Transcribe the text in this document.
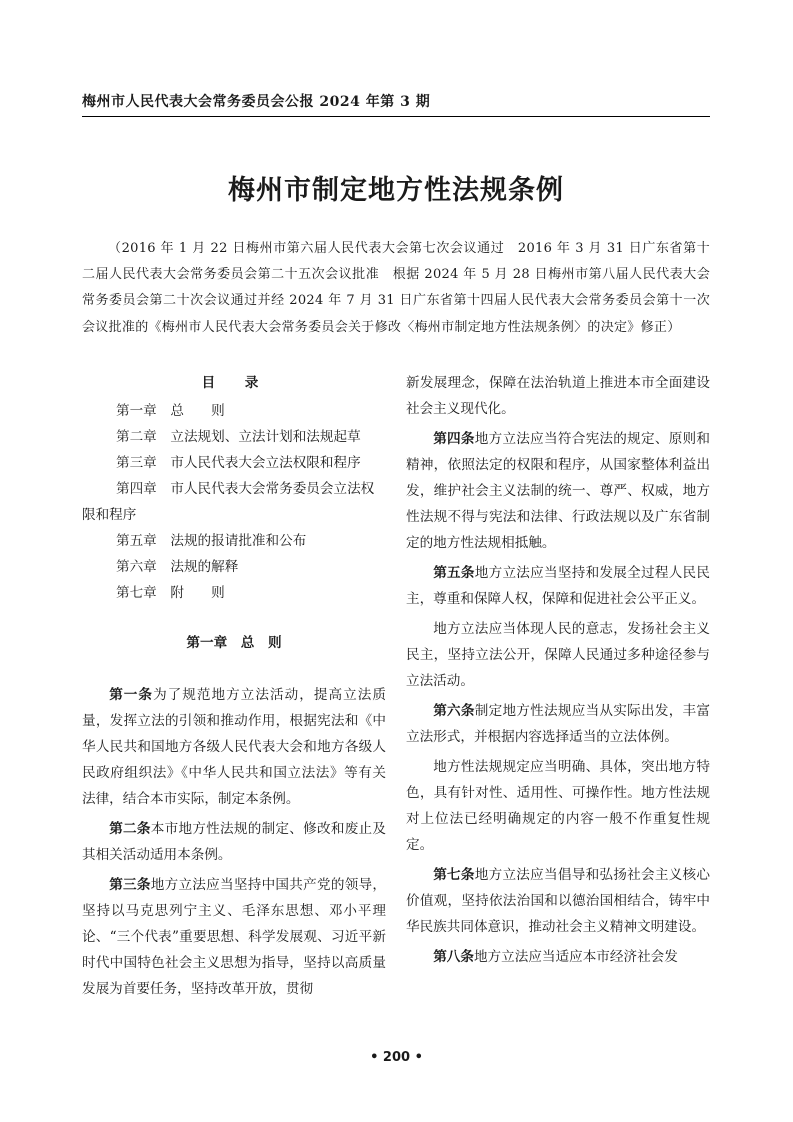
梅州市人民代表大会常务委员会公报 2024 年第 3 期
梅州市制定地方性法规条例
（2016 年 1 月 22 日梅州市第六届人民代表大会第七次会议通过　2016 年 3 月 31 日广东省第十二届人民代表大会常务委员会第二十五次会议批准　根据 2024 年 5 月 28 日梅州市第八届人民代表大会常务委员会第二十次会议通过并经 2024 年 7 月 31 日广东省第十四届人民代表大会常务委员会第十一次会议批准的《梅州市人民代表大会常务委员会关于修改〈梅州市制定地方性法规条例〉的决定》修正）
目　录
第一章　总　　则
第二章　立法规划、立法计划和法规起草
第三章　市人民代表大会立法权限和程序
第四章　市人民代表大会常务委员会立法权限和程序
第五章　法规的报请批准和公布
第六章　法规的解释
第七章　附　　则
第一章　总　则

第一条为了规范地方立法活动，提高立法质量，发挥立法的引领和推动作用，根据宪法和《中华人民共和国地方各级人民代表大会和地方各级人民政府组织法》《中华人民共和国立法法》等有关法律，结合本市实际，制定本条例。

第二条本市地方性法规的制定、修改和废止及其相关活动适用本条例。

第三条地方立法应当坚持中国共产党的领导，坚持以马克思列宁主义、毛泽东思想、邓小平理论、“三个代表”重要思想、科学发展观、习近平新时代中国特色社会主义思想为指导，坚持以高质量发展为首要任务，坚持改革开放，贯彻

新发展理念，保障在法治轨道上推进本市全面建设社会主义现代化。

第四条地方立法应当符合宪法的规定、原则和精神，依照法定的权限和程序，从国家整体利益出发，维护社会主义法制的统一、尊严、权威，地方性法规不得与宪法和法律、行政法规以及广东省制定的地方性法规相抵触。

第五条地方立法应当坚持和发展全过程人民民主，尊重和保障人权，保障和促进社会公平正义。

地方立法应当体现人民的意志，发扬社会主义民主，坚持立法公开，保障人民通过多种途径参与立法活动。

第六条制定地方性法规应当从实际出发，丰富立法形式，并根据内容选择适当的立法体例。

地方性法规规定应当明确、具体，突出地方特色，具有针对性、适用性、可操作性。地方性法规对上位法已经明确规定的内容一般不作重复性规定。

第七条地方立法应当倡导和弘扬社会主义核心价值观，坚持依法治国和以德治国相结合，铸牢中华民族共同体意识，推动社会主义精神文明建设。

第八条地方立法应当适应本市经济社会发

• 200 •
